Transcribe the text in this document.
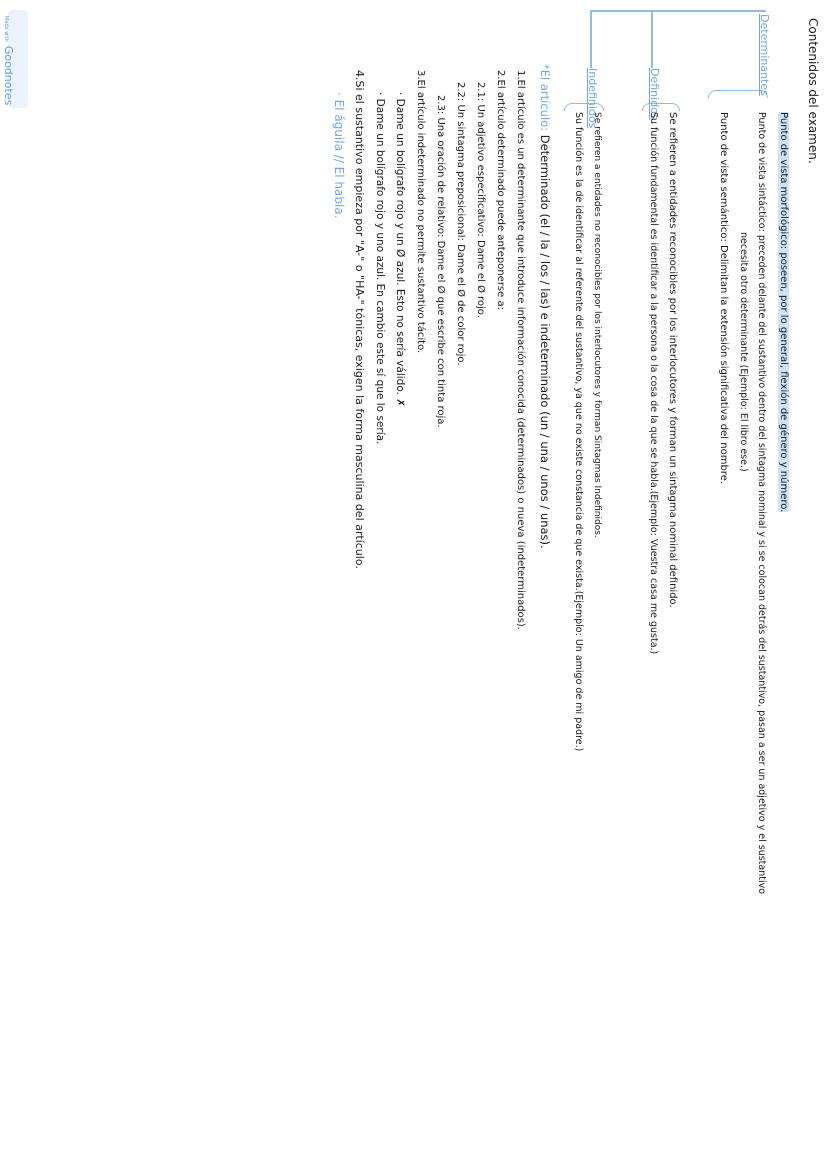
Made withGoodnotes	Contenidos del examen.
Determinantes
Definidos
Indefinidos
Punto de vista morfológico: poseen, por lo general, flexión de género y número.
Punto de vista sintáctico: preceden delante del sustantivo dentro del sintagma nominal y si se colocan detrás del sustantivo, pasan a ser un adjetivo y el sustantivo
necesita otro determinante (Ejemplo: El libro ese.)
Punto de vista semántico: Delimitan la extensión significativa del nombre.
Se refieren a entidades reconocibles por los interlocutores y forman un sintagma nominal definido.
Su función fundamental es identificar a la persona o la cosa de la que se habla.(Ejemplo: Vuestra casa me gusta.)
Se refieren a entidades no reconocibles por los interlocutores y forman Sintagmas Indefinidos.
Su función es la de identificar al referente del sustantivo, ya que no existe constancia de que exista.(Ejemplo: Un amigo de mi padre.)
*El artículo: Determinado (el / la / los / las) e indeterminado (un / una / unos / unas).
1.El artículo es un determinante que introduce información conocida (determinados) o nueva (indeterminados).
2.El artículo determinado puede anteponerse a:
2.1: Un adjetivo especificativo: Dame el Ø rojo.
2.2: Un sintagma preposicional: Dame el Ø de color rojo.
2.3: Una oración de relativo: Dame el Ø que escribe con tinta roja.
3.El artículo indeterminado no permite sustantivo tácito.
· Dame un bolígrafo rojo y un Ø azul. Esto no sería válido. ✗
· Dame un bolígrafo rojo y uno azul. En cambio este sí que lo sería.
4.Si el sustantivo empieza por "A-" o "HA-" tónicas, exigen la forma masculina del artículo.
· El águila // El habla.
